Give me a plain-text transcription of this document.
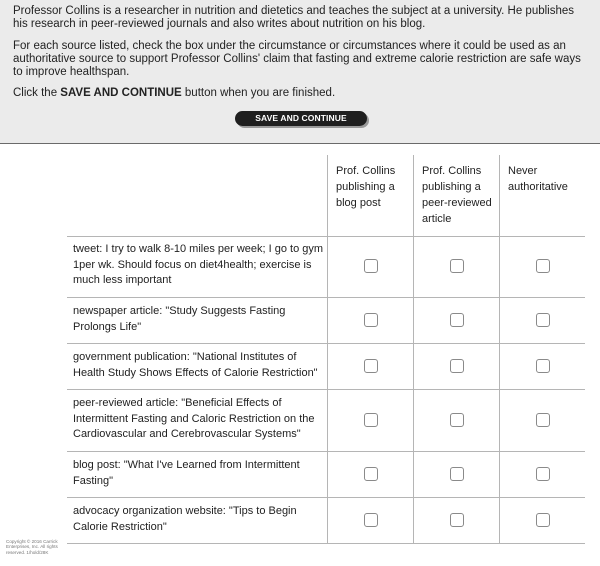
Professor Collins is a researcher in nutrition and dietetics and teaches the subject at a university. He publishes his research in peer-reviewed journals and also writes about nutrition on his blog.

For each source listed, check the box under the circumstance or circumstances where it could be used as an authoritative source to support Professor Collins' claim that fasting and extreme calorie restriction are safe ways to improve healthspan.

Click the SAVE AND CONTINUE button when you are finished.

SAVE AND CONTINUE
Prof. Collins publishing a blog post
Prof. Collins publishing a peer-reviewed article
Never authoritative
tweet: I try to walk 8-10 miles per week; I go to gym 1per wk. Should focus on diet4health; exercise is much less important
newspaper article: "Study Suggests Fasting Prolongs Life"
government publication: "National Institutes of Health Study Shows Effects of Calorie Restriction"
peer-reviewed article: "Beneficial Effects of Intermittent Fasting and Caloric Restriction on the Cardiovascular and Cerebrovascular Systems"
blog post: "What I've Learned from Intermittent Fasting"
advocacy organization website: "Tips to Begin Calorie Restriction"
Copyright © 2016 Carrick Enterprises, Inc. All rights reserved. 1/hold/28K
